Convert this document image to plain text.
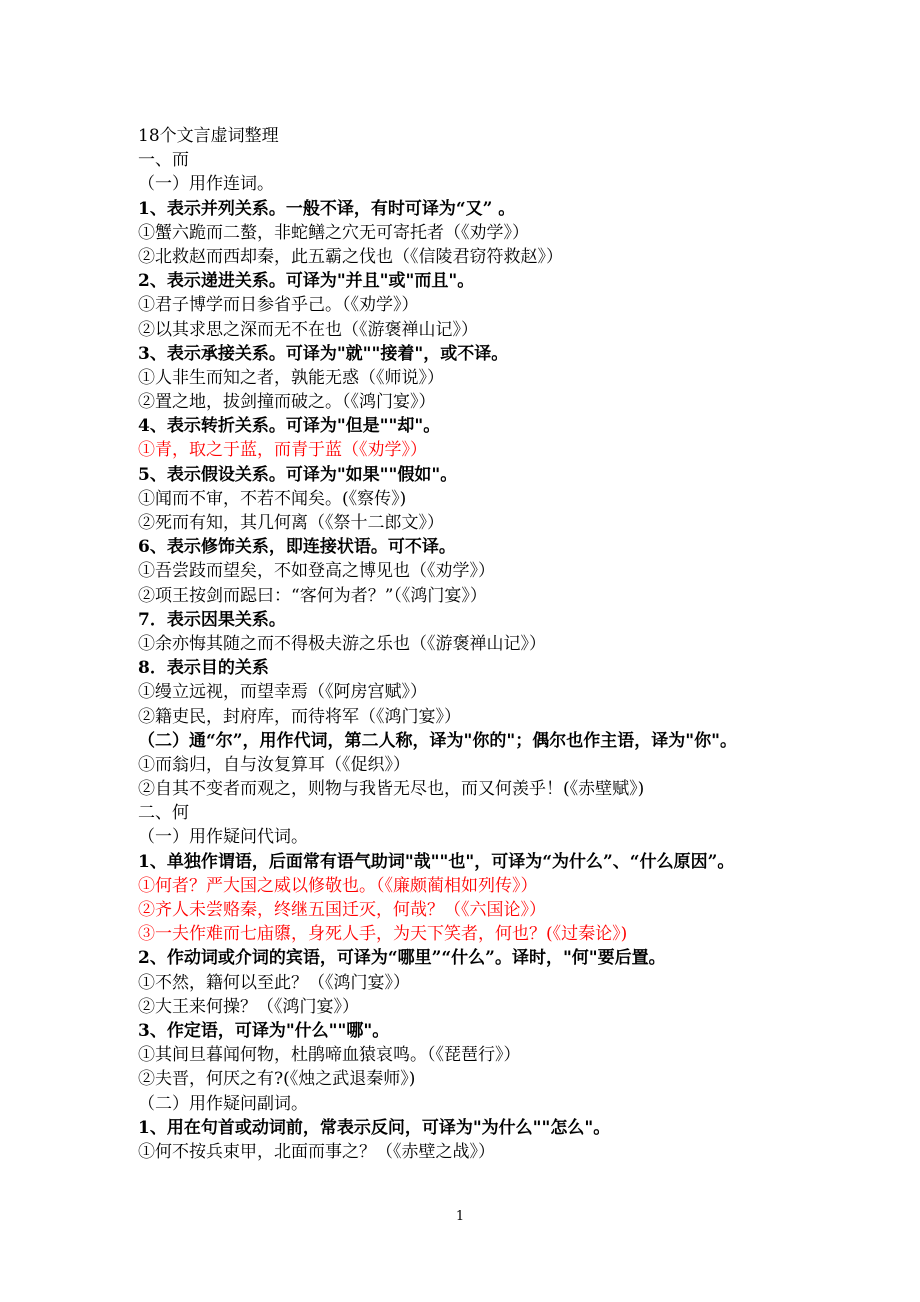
18个文言虚词整理
一、而
（一）用作连词。
1、表示并列关系。一般不译，有时可译为“又” 。
①蟹六跪而二螯，非蛇鳝之穴无可寄托者（《劝学》）
②北救赵而西却秦，此五霸之伐也（《信陵君窃符救赵》）
2、表示递进关系。可译为"并且"或"而且"。
①君子博学而日参省乎己。（《劝学》）
②以其求思之深而无不在也（《游褒禅山记》）
3、表示承接关系。可译为"就""接着"，或不译。
①人非生而知之者，孰能无惑（《师说》）
②置之地，拔剑撞而破之。（《鸿门宴》）
4、表示转折关系。可译为"但是""却"。
①青，取之于蓝，而青于蓝（《劝学》）
5、表示假设关系。可译为"如果""假如"。
①闻而不审，不若不闻矣。(《察传》)
②死而有知，其几何离（《祭十二郎文》）
6、表示修饰关系，即连接状语。可不译。
①吾尝跂而望矣，不如登高之博见也（《劝学》）
②项王按剑而跽曰：“客何为者？”（《鸿门宴》）
7．表示因果关系。
①余亦悔其随之而不得极夫游之乐也（《游褒禅山记》）
8．表示目的关系
①缦立远视，而望幸焉（《阿房宫赋》）
②籍吏民，封府库，而待将军（《鸿门宴》）
（二）通“尔”，用作代词，第二人称，译为"你的"；偶尔也作主语，译为"你"。
①而翁归，自与汝复算耳（《促织》）
②自其不变者而观之，则物与我皆无尽也，而又何羡乎！(《赤壁赋》)
二、何
（一）用作疑问代词。
1、单独作谓语，后面常有语气助词"哉""也"，可译为“为什么”、“什么原因”。
①何者？严大国之威以修敬也。（《廉颇蔺相如列传》）
②齐人未尝赂秦，终继五国迁灭，何哉？（《六国论》）
③一夫作难而七庙隳，身死人手，为天下笑者，何也？(《过秦论》)
2、作动词或介词的宾语，可译为“哪里”“什么”。译时，"何"要后置。
①不然，籍何以至此？（《鸿门宴》）
②大王来何操？（《鸿门宴》）
3、作定语，可译为"什么""哪"。
①其间旦暮闻何物，杜鹃啼血猿哀鸣。（《琵琶行》）
②夫晋，何厌之有?(《烛之武退秦师》)
（二）用作疑问副词。
1、用在句首或动词前，常表示反问，可译为"为什么""怎么"。
①何不按兵束甲，北面而事之？（《赤壁之战》）
1
